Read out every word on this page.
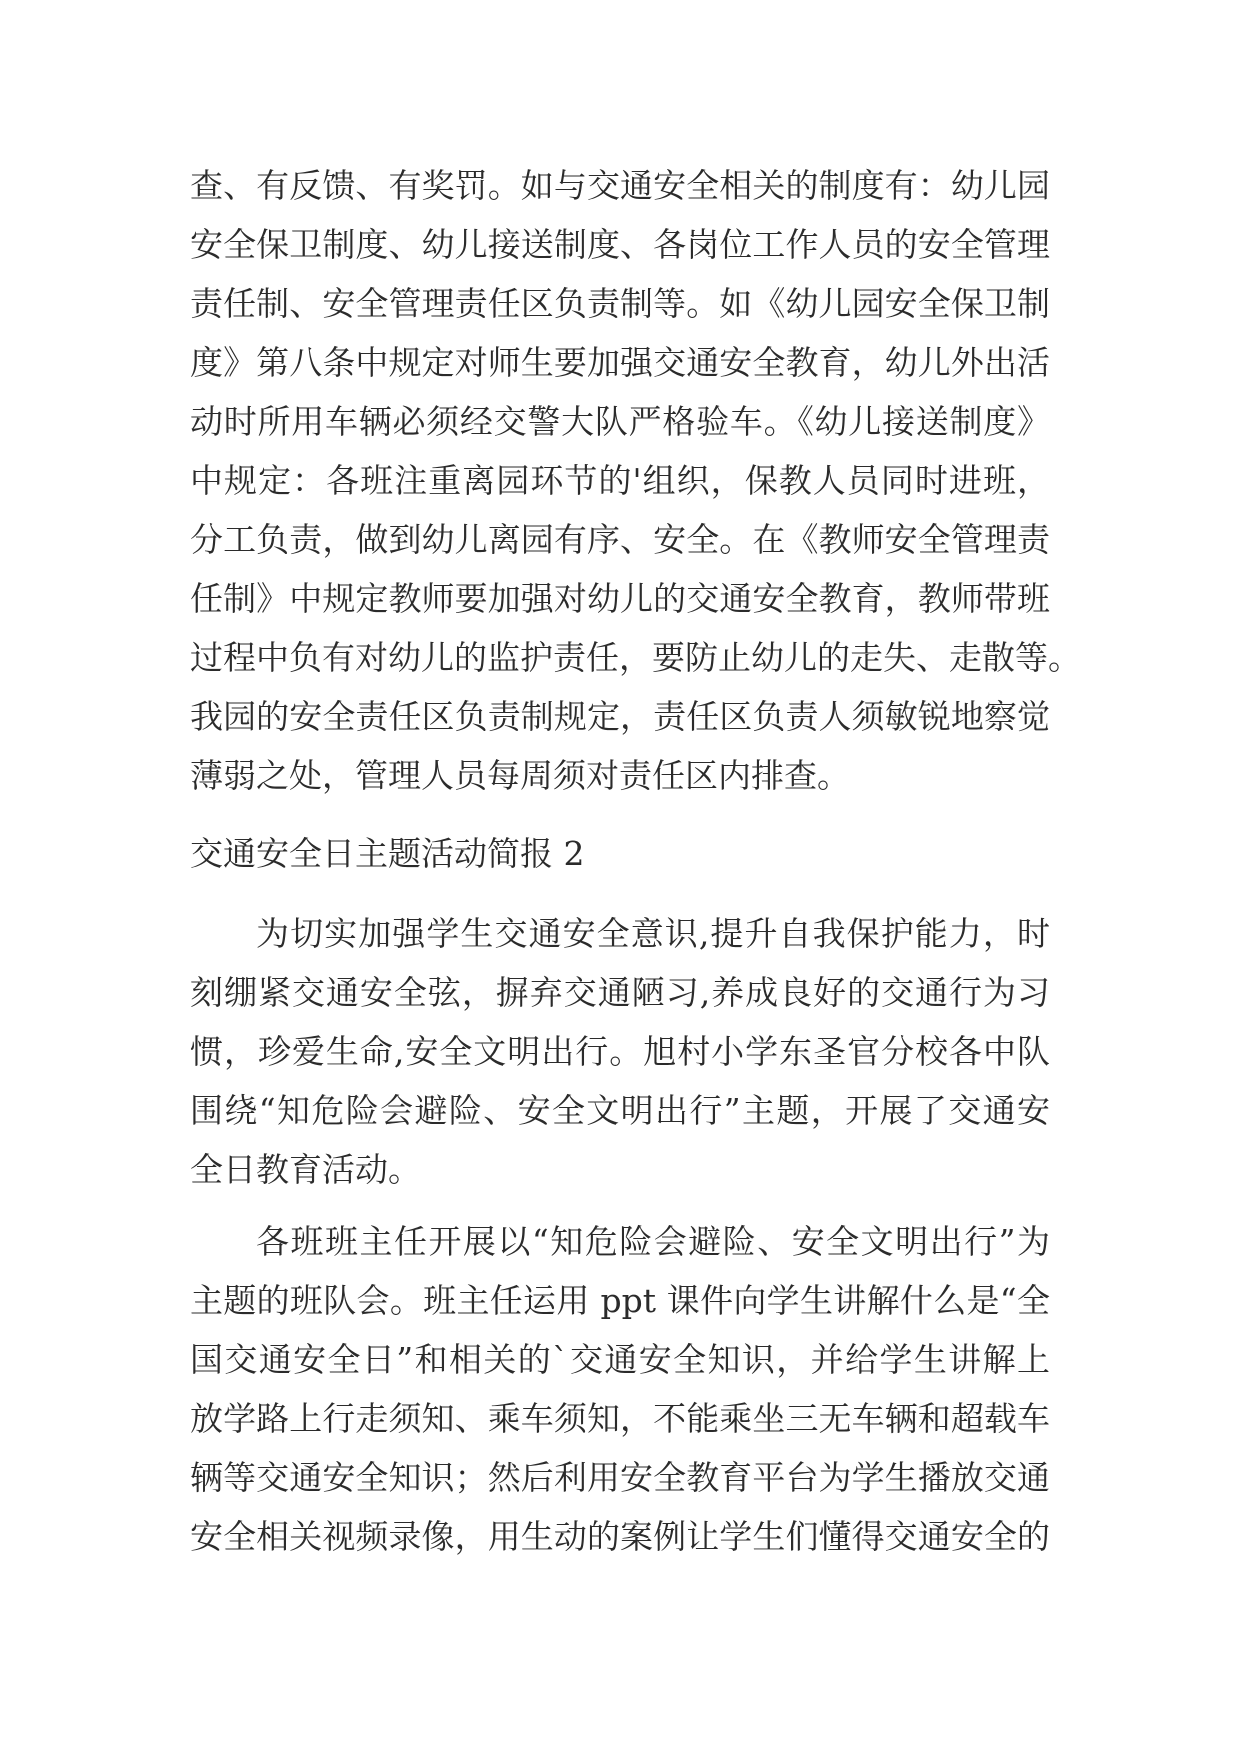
查、有反馈、有奖罚。如与交通安全相关的制度有：幼儿园
安全保卫制度、幼儿接送制度、各岗位工作人员的安全管理
责任制、安全管理责任区负责制等。如《幼儿园安全保卫制
度》第八条中规定对师生要加强交通安全教育，幼儿外出活
动时所用车辆必须经交警大队严格验车。《幼儿接送制度》
中规定：各班注重离园环节的'组织，保教人员同时进班，
分工负责，做到幼儿离园有序、安全。在《教师安全管理责
任制》中规定教师要加强对幼儿的交通安全教育，教师带班
过程中负有对幼儿的监护责任，要防止幼儿的走失、走散等。
我园的安全责任区负责制规定，责任区负责人须敏锐地察觉
薄弱之处，管理人员每周须对责任区内排查。
交通安全日主题活动简报 2
为切实加强学生交通安全意识,提升自我保护能力，时
刻绷紧交通安全弦，摒弃交通陋习,养成良好的交通行为习
惯，珍爱生命,安全文明出行。旭村小学东圣官分校各中队
围绕“知危险会避险、安全文明出行”主题，开展了交通安
全日教育活动。
各班班主任开展以“知危险会避险、安全文明出行”为
主题的班队会。班主任运用 ppt 课件向学生讲解什么是“全
国交通安全日”和相关的`交通安全知识，并给学生讲解上
放学路上行走须知、乘车须知，不能乘坐三无车辆和超载车
辆等交通安全知识；然后利用安全教育平台为学生播放交通
安全相关视频录像，用生动的案例让学生们懂得交通安全的
